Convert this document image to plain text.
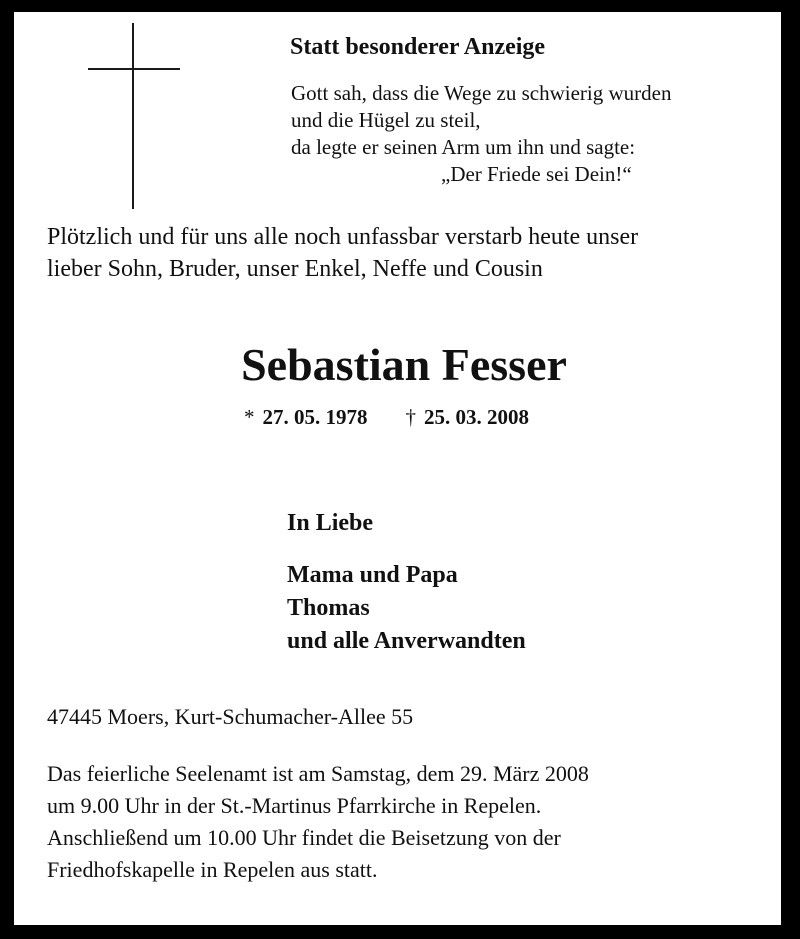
Statt besonderer Anzeige
Gott sah, dass die Wege zu schwierig wurden
und die Hügel zu steil,
da legte er seinen Arm um ihn und sagte:
„Der Friede sei Dein!“
Plötzlich und für uns alle noch unfassbar verstarb heute unser
lieber Sohn, Bruder, unser Enkel, Neffe und Cousin
Sebastian Fesser
* 27. 05. 1978 † 25. 03. 2008
In Liebe
Mama und Papa
Thomas
und alle Anverwandten
47445 Moers, Kurt-Schumacher-Allee 55
Das feierliche Seelenamt ist am Samstag, dem 29. März 2008
um 9.00 Uhr in der St.-Martinus Pfarrkirche in Repelen.
Anschließend um 10.00 Uhr findet die Beisetzung von der
Friedhofskapelle in Repelen aus statt.
